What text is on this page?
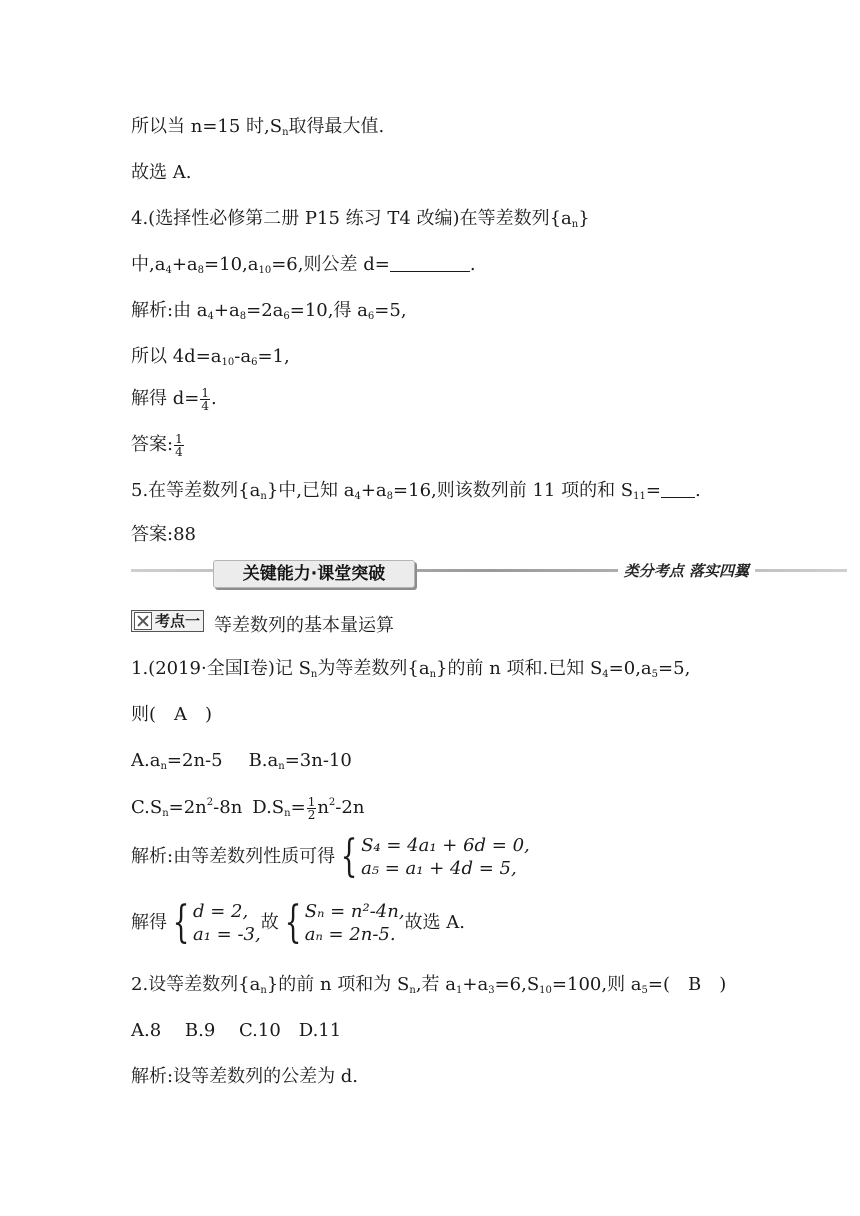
所以当 n=15 时$,S_n$取得最大值.
故选 A.
4.(选择性必修第二册 P15 练习 T4 改编)在等差数列$\{a_n\}$
中$,a_4+a_8=10,a_{10}=6$,则公差 d=	.
解析:由 $a_4+a_8=2a_6=10$,得 $a_6=5$,
所以 $4d=a_{10}-a_6=1$,
解得 $d= \frac{1}{4}$ .
答案: $\frac{1}{4}$
5.在等差数列$\{a_n\}$中,已知 $a_4+a_8=16$,则该数列前 11 项的和 $S_{11}=$ .
答案:88
关键能力·课堂突破	类分考点 落实四翼
考点一 等差数列的基本量运算
1.(2019·全国Ⅰ卷)记 $S_n$为等差数列$\{a_n\}$的前 n 项和.已知 $S_4=0,a_5=5$,
则(　A　)
$A.a_n=2n-5$ $B.a_n=3n-10$
$C.S_n=2n^2-8n$ $D.S_n= \frac{1}{2} n^2-2n$
解析:由等差数列性质可得 { S₄ = 4a₁ + 6d = 0,
a₅ = a₁ + 4d = 5,
解得 { d = 2,
a₁ = -3,
故 { Sₙ = n²-4n,
aₙ = 2n-5.
故选 A.
2.设等差数列$\{a_n\}$的前 n 项和为 $S_n$,若 $a_1+a_3=6,S_{10}=100$,则 $a_5=$(　B　)
A.8　 B.9　 C.10　D.11
解析:设等差数列的公差为 d.
